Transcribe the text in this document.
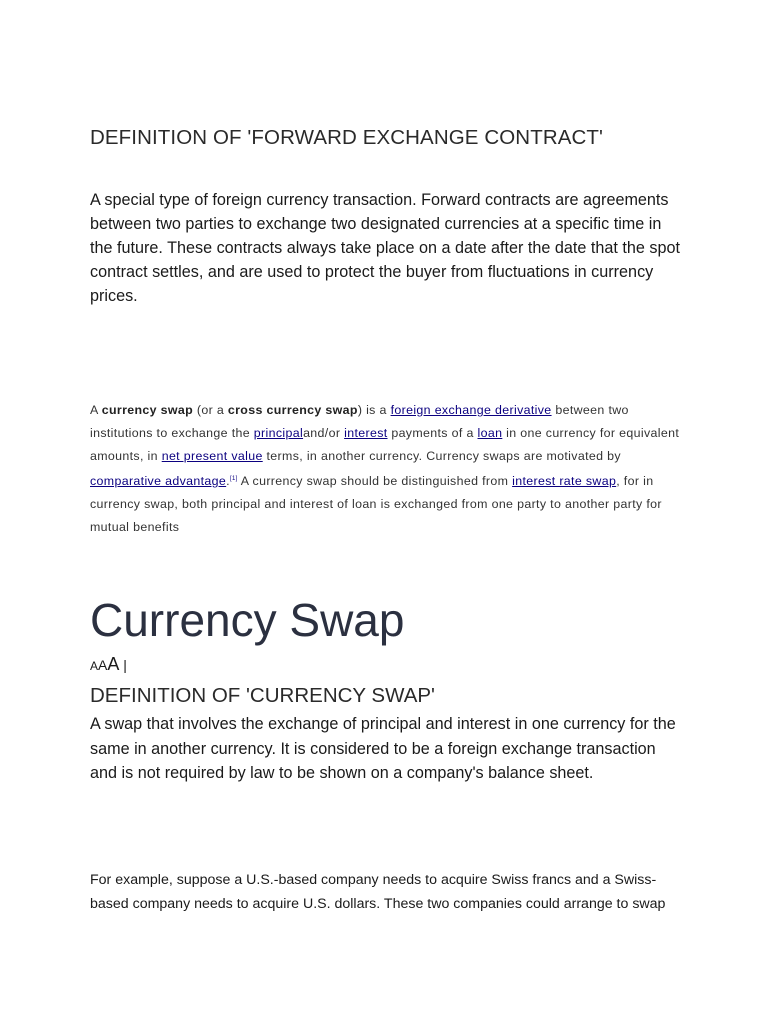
DEFINITION OF 'FORWARD EXCHANGE CONTRACT'

A special type of foreign currency transaction. Forward contracts are agreements between two parties to exchange two designated currencies at a specific time in the future. These contracts always take place on a date after the date that the spot contract settles, and are used to protect the buyer from fluctuations in currency prices.

A currency swap (or a cross currency swap) is a foreign exchange derivative between two institutions to exchange the principaland/or interest payments of a loan in one currency for equivalent amounts, in net present value terms, in another currency. Currency swaps are motivated by comparative advantage.[1] A currency swap should be distinguished from interest rate swap, for in currency swap, both principal and interest of loan is exchanged from one party to another party for mutual benefits

Currency Swap
AAA |
DEFINITION OF 'CURRENCY SWAP'

A swap that involves the exchange of principal and interest in one currency for the same in another currency. It is considered to be a foreign exchange transaction and is not required by law to be shown on a company's balance sheet.

For example, suppose a U.S.-based company needs to acquire Swiss francs and a Swiss-based company needs to acquire U.S. dollars. These two companies could arrange to swap
